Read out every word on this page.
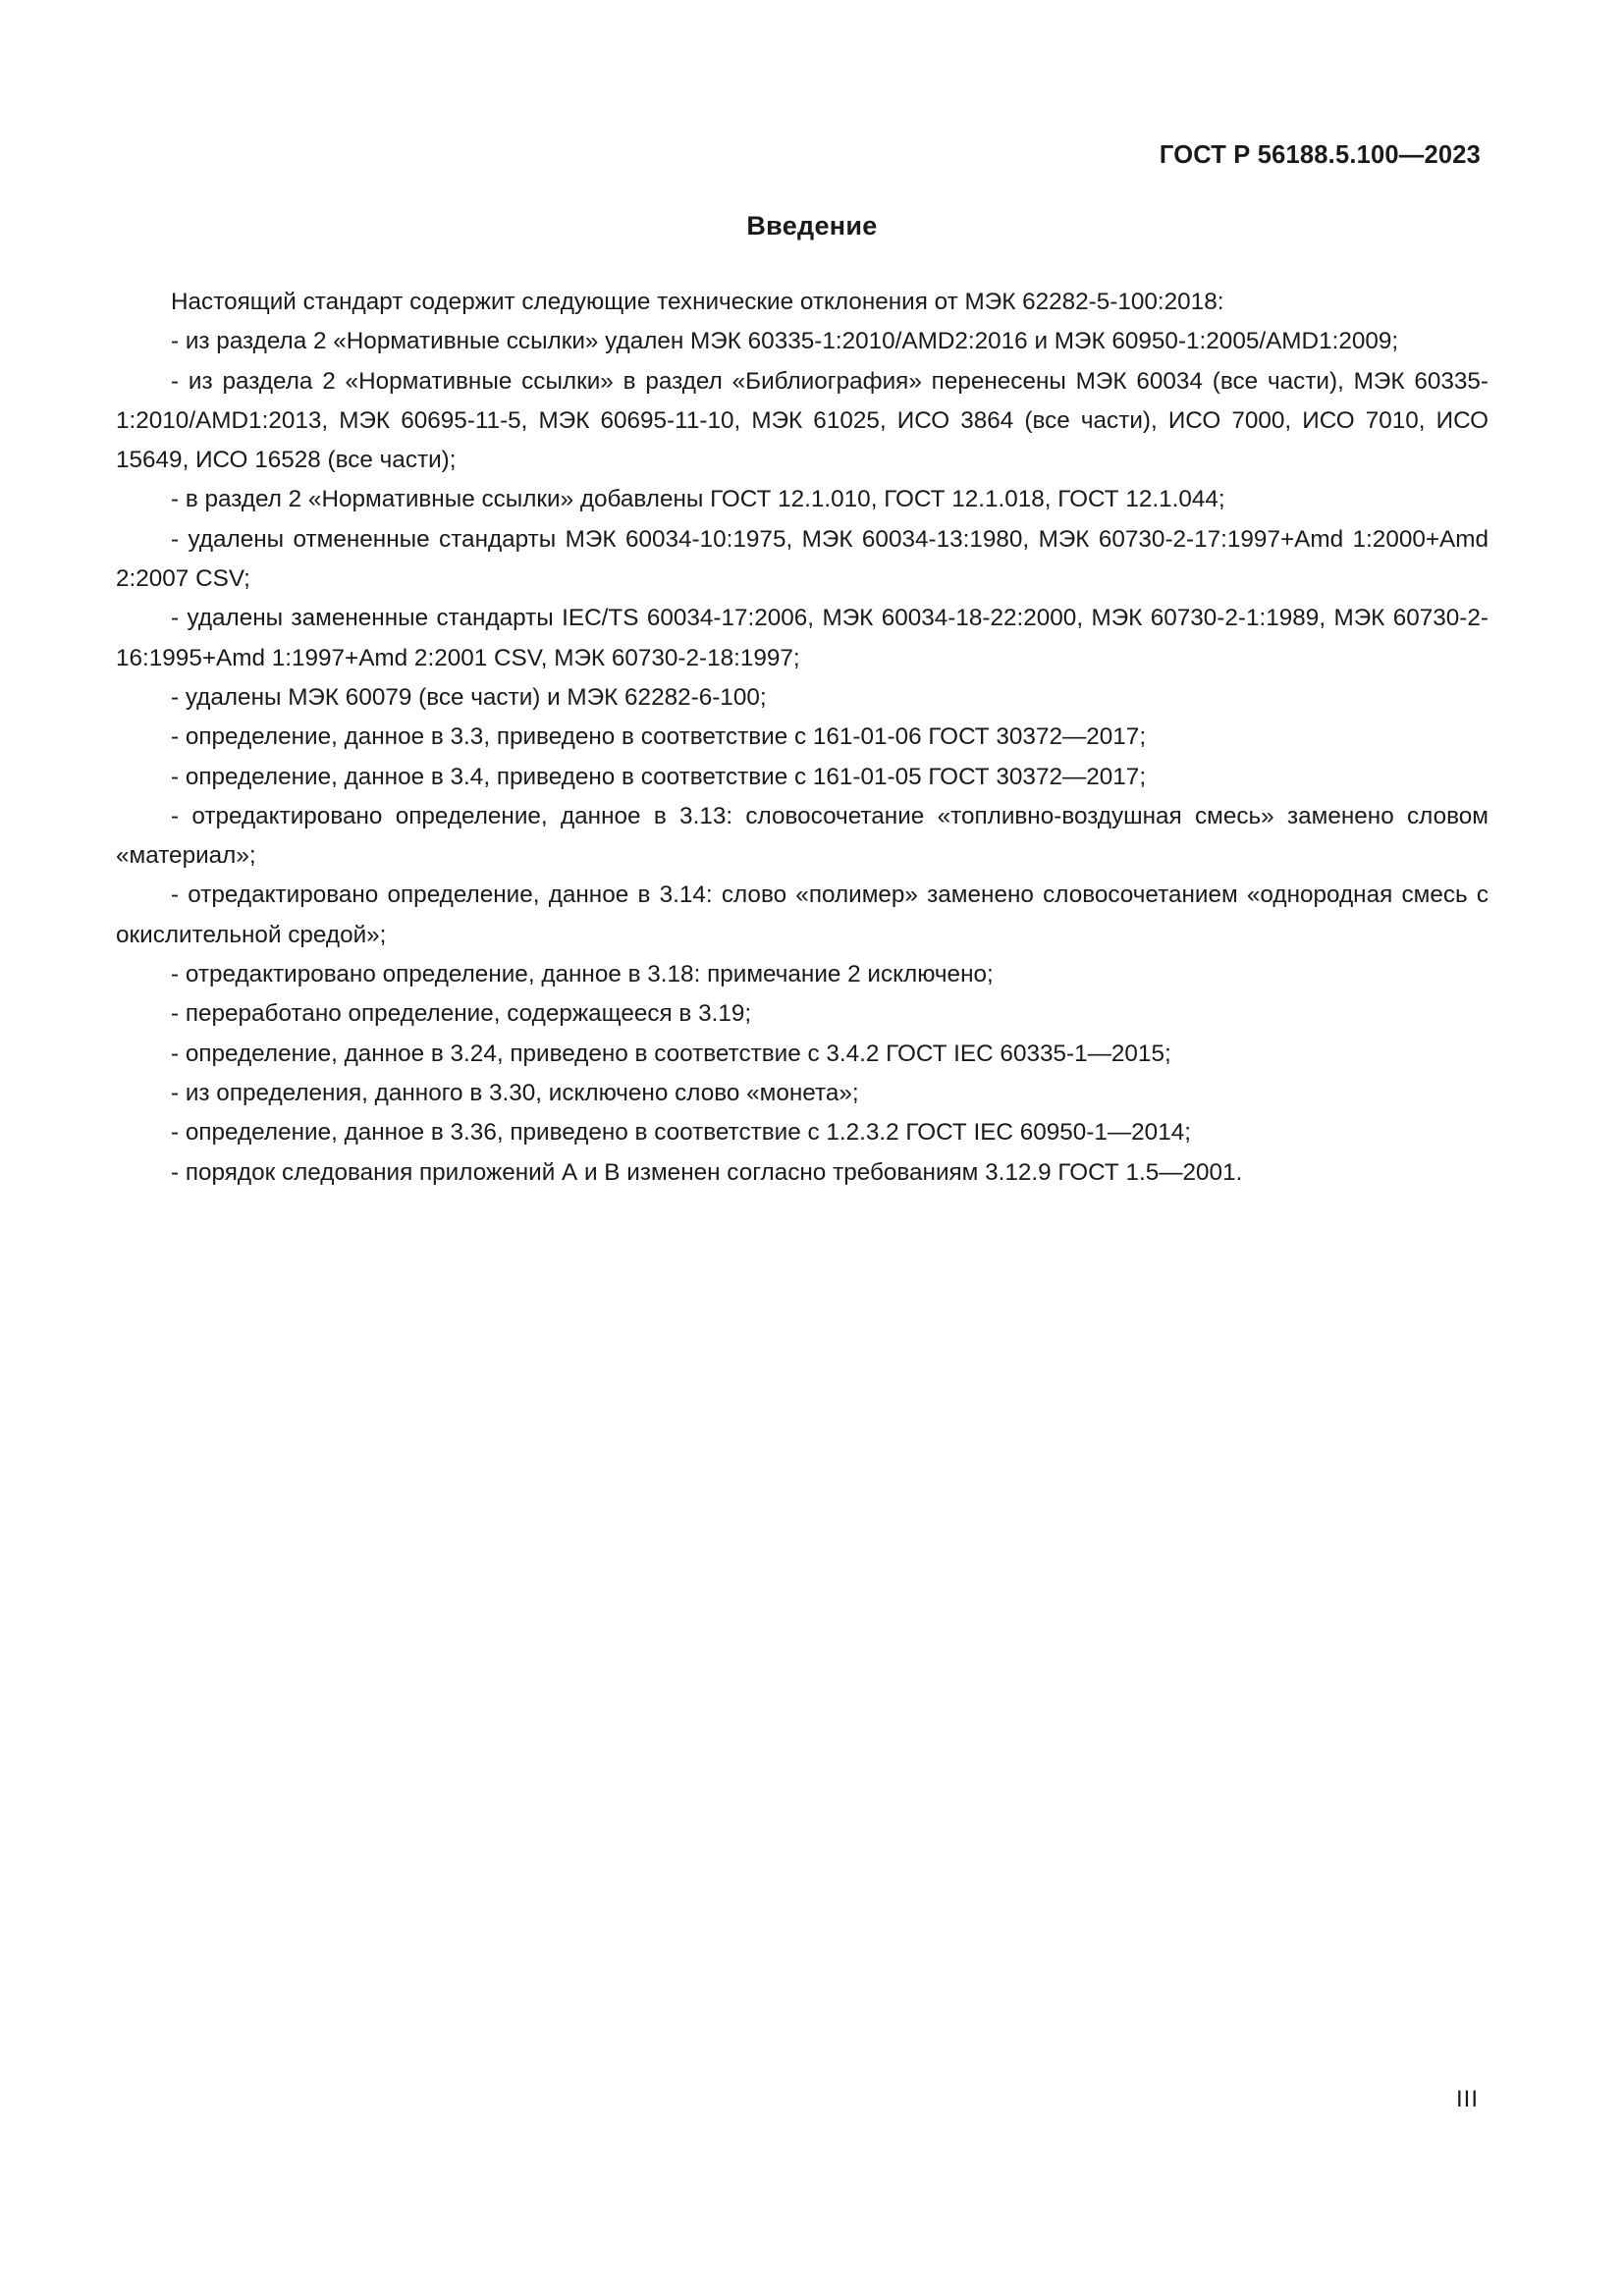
ГОСТ Р 56188.5.100—2023
Введение

Настоящий стандарт содержит следующие технические отклонения от МЭК 62282-5-100:2018:

- из раздела 2 «Нормативные ссылки» удален МЭК 60335-1:2010/AMD2:2016 и МЭК 60950-1:2005/AMD1:2009;

- из раздела 2 «Нормативные ссылки» в раздел «Библиография» перенесены МЭК 60034 (все части), МЭК 60335-1:2010/AMD1:2013, МЭК 60695-11-5, МЭК 60695-11-10, МЭК 61025, ИСО 3864 (все части), ИСО 7000, ИСО 7010, ИСО 15649, ИСО 16528 (все части);

- в раздел 2 «Нормативные ссылки» добавлены ГОСТ 12.1.010, ГОСТ 12.1.018, ГОСТ 12.1.044;

- удалены отмененные стандарты МЭК 60034-10:1975, МЭК 60034-13:1980, МЭК 60730-2-17:1997+Amd 1:2000+Amd 2:2007 CSV;

- удалены замененные стандарты IEC/TS 60034-17:2006, МЭК 60034-18-22:2000, МЭК 60730-2-1:1989, МЭК 60730-2-16:1995+Amd 1:1997+Amd 2:2001 CSV, МЭК 60730-2-18:1997;

- удалены МЭК 60079 (все части) и МЭК 62282-6-100;

- определение, данное в 3.3, приведено в соответствие с 161-01-06 ГОСТ 30372—2017;

- определение, данное в 3.4, приведено в соответствие с 161-01-05 ГОСТ 30372—2017;

- отредактировано определение, данное в 3.13: словосочетание «топливно-воздушная смесь» заменено словом «материал»;

- отредактировано определение, данное в 3.14: слово «полимер» заменено словосочетанием «однородная смесь с окислительной средой»;

- отредактировано определение, данное в 3.18: примечание 2 исключено;

- переработано определение, содержащееся в 3.19;

- определение, данное в 3.24, приведено в соответствие с 3.4.2 ГОСТ IEC 60335-1—2015;

- из определения, данного в 3.30, исключено слово «монета»;

- определение, данное в 3.36, приведено в соответствие с 1.2.3.2 ГОСТ IEC 60950-1—2014;

- порядок следования приложений А и В изменен согласно требованиям 3.12.9 ГОСТ 1.5—2001.

III
